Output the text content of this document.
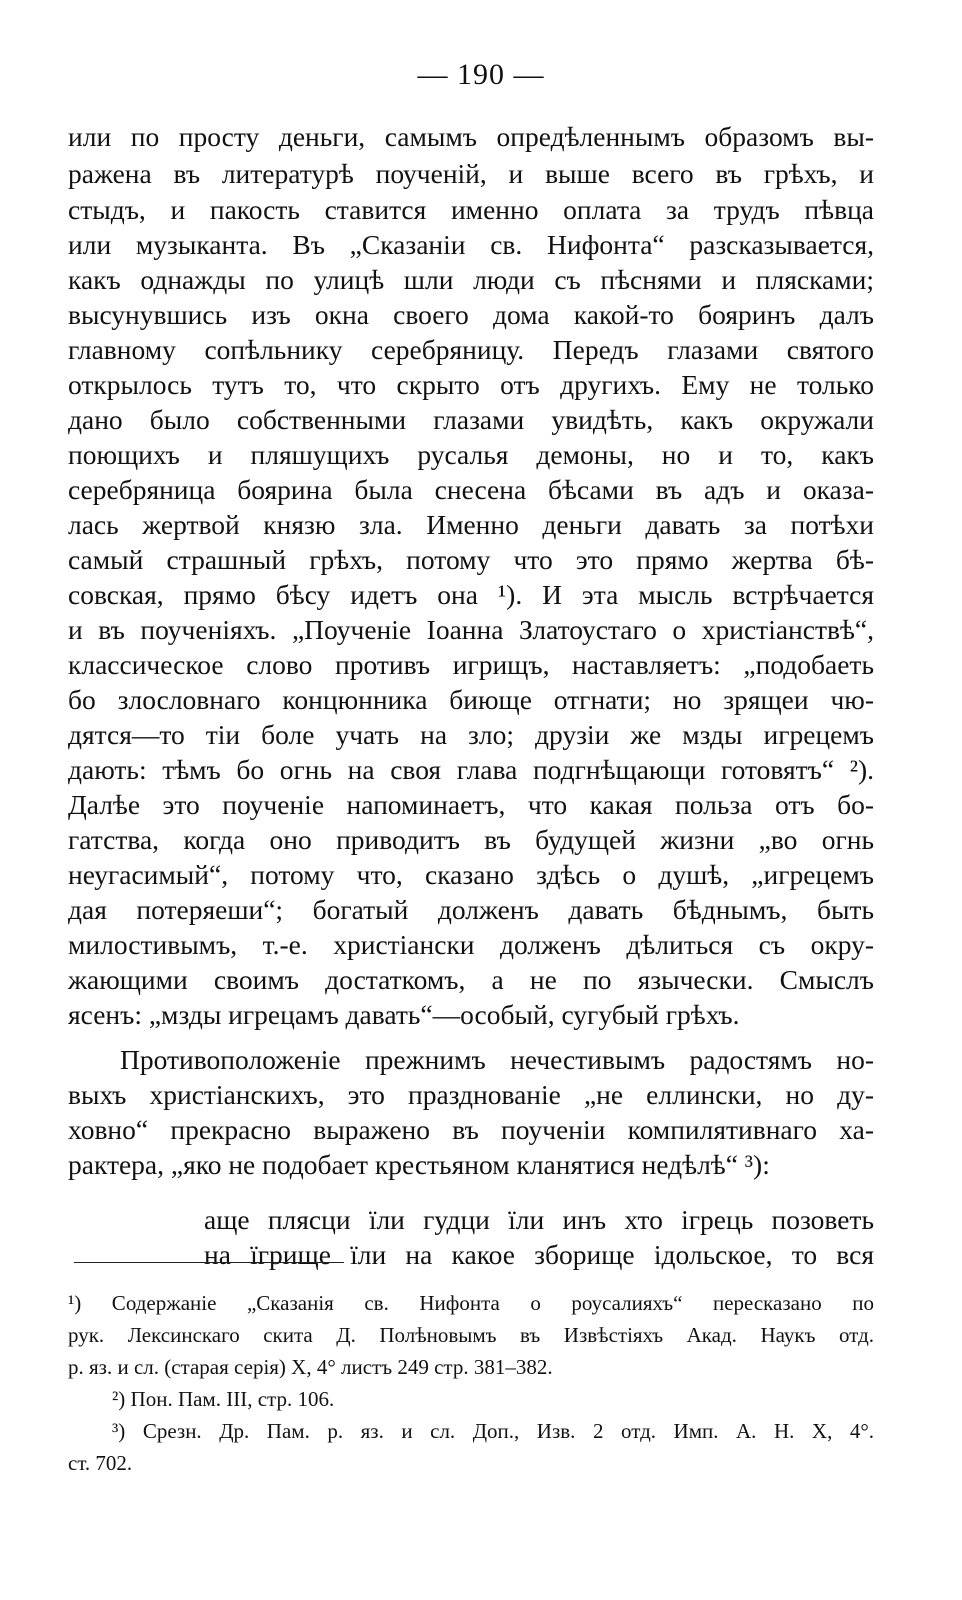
— 190 —
или по просту деньги, самымъ опредѣленнымъ образомъ вы-
ражена въ литературѣ поученій, и выше всего въ грѣхъ, и
стыдъ, и пакость ставится именно оплата за трудъ пѣвца
или музыканта. Въ „Сказаніи св. Нифонта“ разсказывается,
какъ однажды по улицѣ шли люди съ пѣснями и плясками;
высунувшись изъ окна своего дома какой-то бояринъ далъ
главному сопѣльнику серебряницу. Передъ глазами святого
открылось тутъ то, что скрыто отъ другихъ. Ему не только
дано было собственными глазами увидѣть, какъ окружали
поющихъ и пляшущихъ русалья демоны, но и то, какъ
серебряница боярина была снесена бѣсами въ адъ и оказа-
лась жертвой князю зла. Именно деньги давать за потѣхи
самый страшный грѣхъ, потому что это прямо жертва бѣ-
совская, прямо бѣсу идетъ она ¹). И эта мысль встрѣчается
и въ поученіяхъ. „Поученіе Іоанна Златоустаго о христіанствѣ“,
классическое слово противъ игрищъ, наставляетъ: „подобаеть
бо злословнаго концюнника биюще отгнати; но зрящеи чю-
дятся—то тіи боле учать на зло; друзіи же мзды игрецемъ
дають: тѣмъ бо огнь на своя глава подгнѣщающи готовятъ“ ²).
Далѣе это поученіе напоминаетъ, что какая польза отъ бо-
гатства, когда оно приводитъ въ будущей жизни „во огнь
неугасимый“, потому что, сказано здѣсь о душѣ, „игрецемъ
дая потеряеши“; богатый долженъ давать бѣднымъ, быть
милостивымъ, т.-е. христіански долженъ дѣлиться съ окру-
жающими своимъ достаткомъ, а не по язычески. Смыслъ
ясенъ: „мзды игрецамъ давать“—особый, сугубый грѣхъ.
Противоположеніе прежнимъ нечестивымъ радостямъ но-
выхъ христіанскихъ, это празднованіе „не еллински, но ду-
ховно“ прекрасно выражено въ поученіи компилятивнаго ха-
рактера, „яко не подобает крестьяном кланятися недѣлѣ“ ³):
аще плясци їли гудци їли инъ хто ігрець позоветь
на їгрище їли на какое зборище ідольское, то вся
¹) Содержаніе „Сказанія св. Нифонта о роусалияхъ“ пересказано по
рук. Лексинскаго скита Д. Полѣновымъ въ Извѣстіяхъ Акад. Наукъ отд.
р. яз. и сл. (старая серія) X, 4° листъ 249 стр. 381–382.
²) Пон. Пам. III, стр. 106.
³) Срезн. Др. Пам. р. яз. и сл. Доп., Изв. 2 отд. Имп. А. Н. X, 4°.
ст. 702.
